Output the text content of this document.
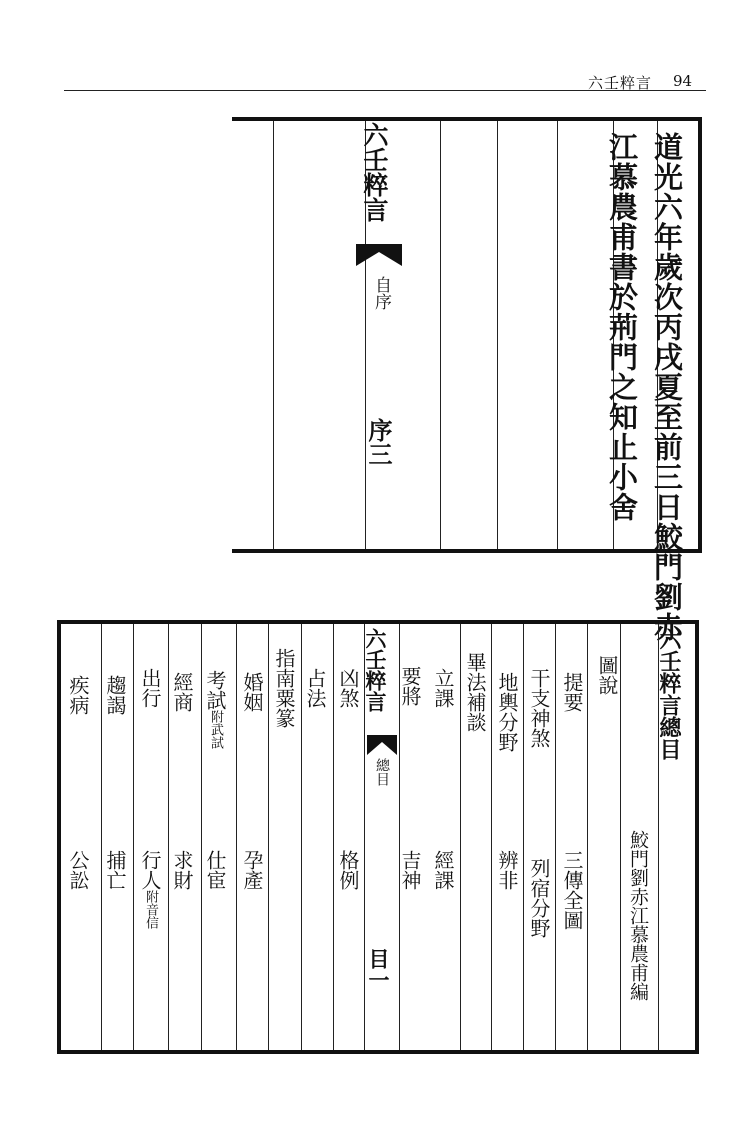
六壬粹言 94
道光六年歲次丙戌夏至前三日鮫門劉赤
江慕農甫書於荊門之知止小舍
六壬粹言
自序
序三
六壬粹言總目
鮫門劉赤江慕農甫編
六壬粹言
總目
目一
圖說
提要
三傳全圖
干支神煞
列宿分野
地輿分野
辨非
畢法補談
立課
經課
要將
吉神
凶煞
格例
占法
指南粟篆
婚姻
孕產
考試附武試
仕宦
經商
求財
出行
行人附音信
趨謁
捕亡
疾病
公訟
